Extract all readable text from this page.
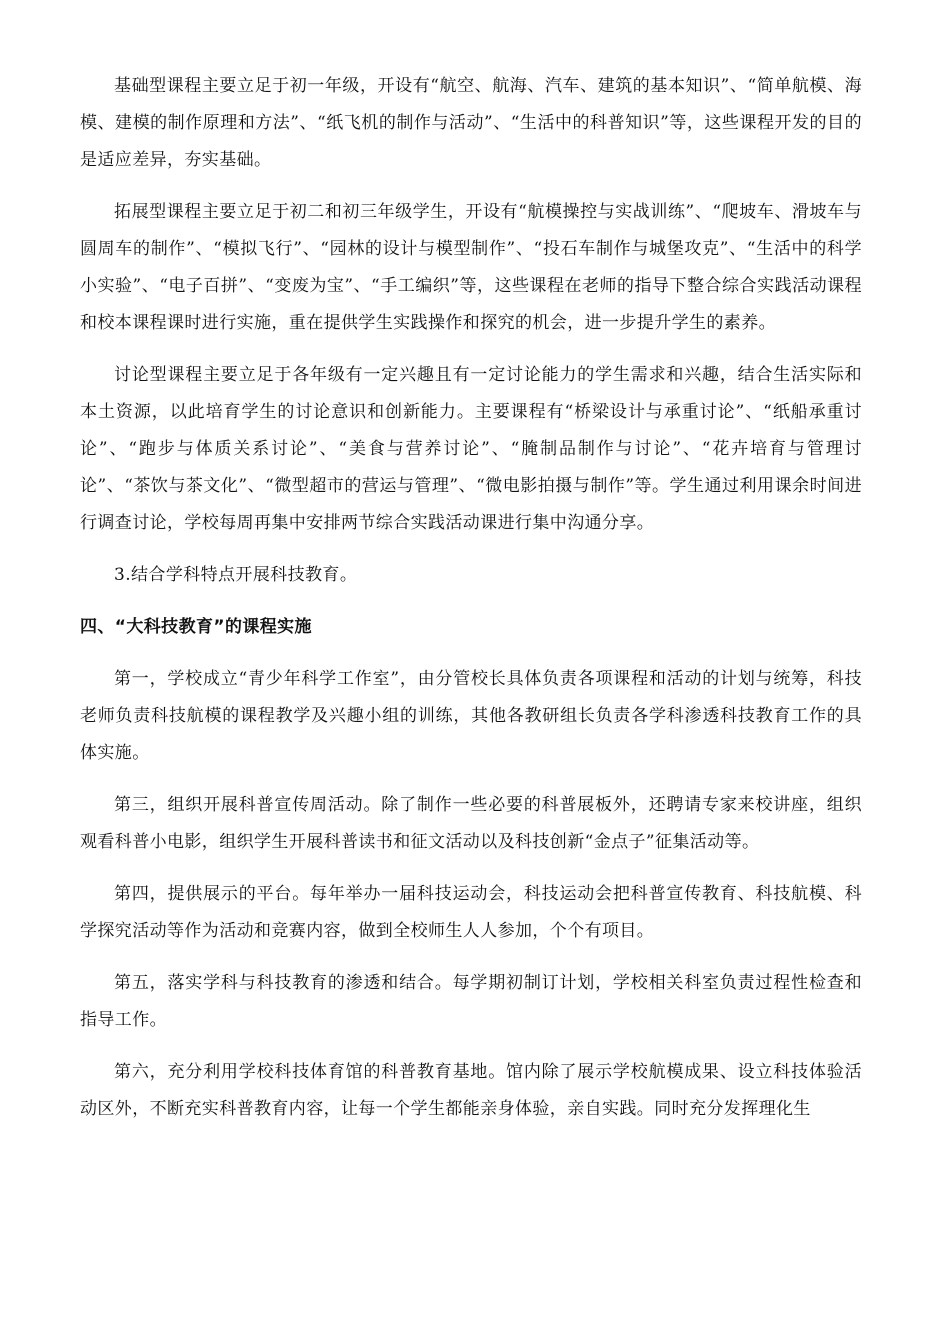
基础型课程主要立足于初一年级，开设有“航空、航海、汽车、建筑的基本知识”、“简单航模、海模、建模的制作原理和方法”、“纸飞机的制作与活动”、“生活中的科普知识”等，这些课程开发的目的是适应差异，夯实基础。

拓展型课程主要立足于初二和初三年级学生，开设有“航模操控与实战训练”、“爬坡车、滑坡车与圆周车的制作”、“模拟飞行”、“园林的设计与模型制作”、“投石车制作与城堡攻克”、“生活中的科学小实验”、“电子百拼”、“变废为宝”、“手工编织”等，这些课程在老师的指导下整合综合实践活动课程和校本课程课时进行实施，重在提供学生实践操作和探究的机会，进一步提升学生的素养。

讨论型课程主要立足于各年级有一定兴趣且有一定讨论能力的学生需求和兴趣，结合生活实际和本土资源，以此培育学生的讨论意识和创新能力。主要课程有“桥梁设计与承重讨论”、“纸船承重讨论”、“跑步与体质关系讨论”、“美食与营养讨论”、“腌制品制作与讨论”、“花卉培育与管理讨论”、“茶饮与茶文化”、“微型超市的营运与管理”、“微电影拍摄与制作”等。学生通过利用课余时间进行调查讨论，学校每周再集中安排两节综合实践活动课进行集中沟通分享。

3.结合学科特点开展科技教育。

四、“大科技教育”的课程实施

第一，学校成立“青少年科学工作室”，由分管校长具体负责各项课程和活动的计划与统筹，科技老师负责科技航模的课程教学及兴趣小组的训练，其他各教研组长负责各学科渗透科技教育工作的具体实施。

第三，组织开展科普宣传周活动。除了制作一些必要的科普展板外，还聘请专家来校讲座，组织观看科普小电影，组织学生开展科普读书和征文活动以及科技创新“金点子”征集活动等。

第四，提供展示的平台。每年举办一届科技运动会，科技运动会把科普宣传教育、科技航模、科学探究活动等作为活动和竞赛内容，做到全校师生人人参加，个个有项目。

第五，落实学科与科技教育的渗透和结合。每学期初制订计划，学校相关科室负责过程性检查和指导工作。

第六，充分利用学校科技体育馆的科普教育基地。馆内除了展示学校航模成果、设立科技体验活动区外，不断充实科普教育内容，让每一个学生都能亲身体验，亲自实践。同时充分发挥理化生
